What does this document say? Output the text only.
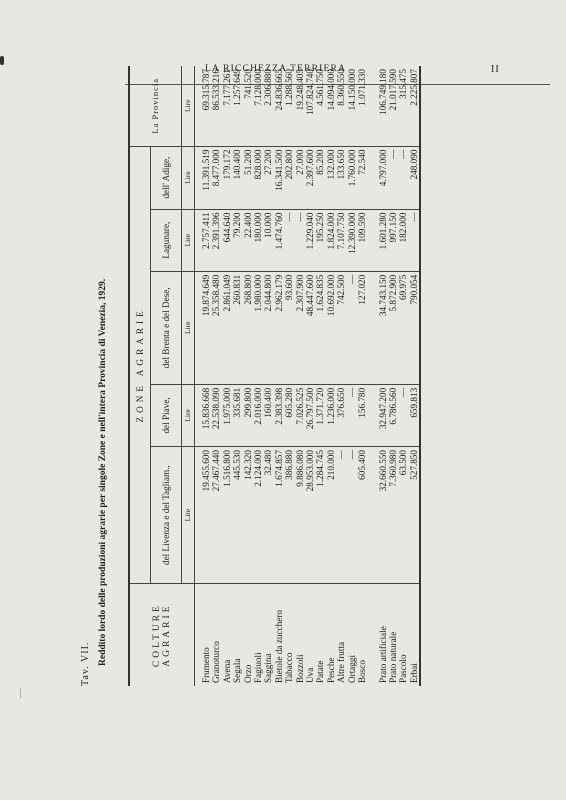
LA RICCHEZZA TERRIERA	II
Tav. VII. Reddito lordo delle produzioni agrarie per singole Zone e nell'intera Provincia di Venezia, 1929.	COLTURE AGRARIE	ZONE AGRARIE					La Provincia
	del Livenza e del Tagliam.,	del Piave,	del Brenta e del Dese,	Lagunare,	dell' Adige,	
	Lire	Lire	Lire	Lire	Lire	Lire
Frumento	19.455.600	15.836.668	19.874.649	2.757.411	11.391.519	69.315.787
Granoturco	27.467.440	22.538.090	25.358.480	2.391.396	8.477.000	86.533.216
Avena	1.516.800	1.975.000	2.861.049	644.640	179.172	7.177.261
Segala	445.530	335.681	260.831	79.200	140.400	1.257.649
Orzo	142.320	299.800	268.800	22.400	51.200	741.520
Fagiuoli	2.124.000	2.016.000	1.980.000	180.000	828.000	7.128.000
Saggina	32.480	160.400	2.044.800	10.000	27.200	2.306.880
Bietole da zucchero	1.674.857	2.383.398	2.962.179	1.474.760	16.341.500	24.836.665
Tabacco	386.880	605.280	93.600	—	202.800	1.288.560
Bozzoli	9.886.080	7.026.525	2.307.900	—	27.000	19.248.405
Uva	28.953.000	26.797.500	48.447.600	1.229.040	2.397.600	107.824.740
Patate	1.284.745	1.371.720	1.624.835	195.250	85.200	4.561.750
Pesche	210.000	1.236.000	10.692.000	1.824.000	132.000	14.094.000
Altre frutta	—	376.650	742.500	7.107.750	133.650	8.360.550
Ortaggi	—	—	—	12.390.000	1.760.000	14.150.000
Bosco	605.400	156.780	127.020	109.590	72.540	1.071.330

Prato artificiale	32.660.550	32.947.200	34.743.150	1.601.280	4.797.000	106.749.180
Prato naturale	7.360.980	6.786.560	5.872.900	997.150	—	21.017.590
Pascolo	63.500	—	69.975	182.000	—	315.475
Erbai	527.850	659.813	790.054	—	248.090	2.225.807
